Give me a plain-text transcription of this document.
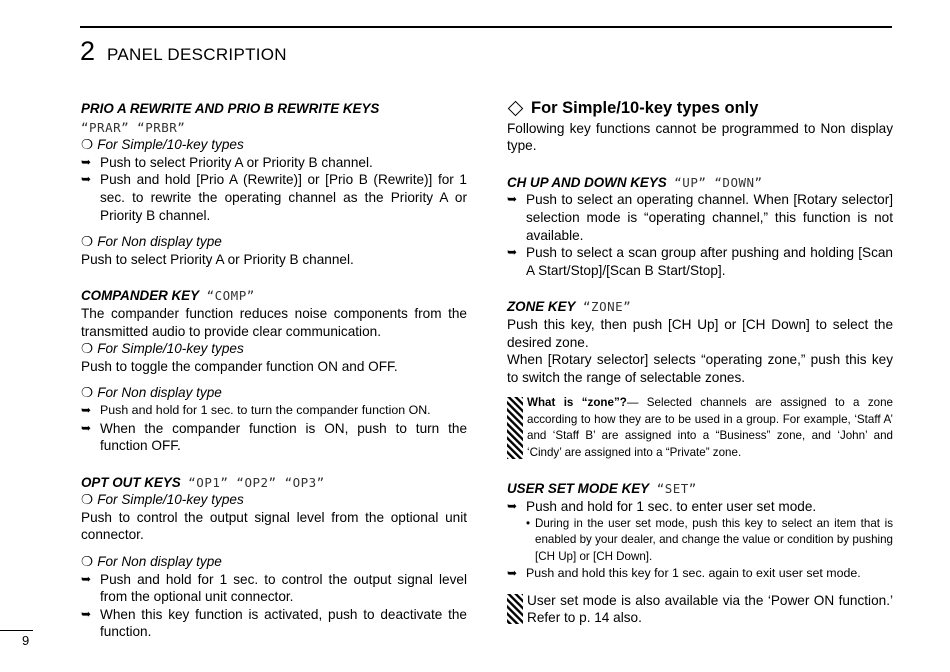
2 PANEL DESCRIPTION
PRIO A REWRITE AND PRIO B REWRITE KEYS
“PRAR” “PRBR”
❍ For Simple/10-key types
➥ Push to select Priority A or Priority B channel.
➥ Push and hold [Prio A (Rewrite)] or [Prio B (Rewrite)] for 1 sec. to rewrite the operating channel as the Priority A or Priority B channel.
❍ For Non display type
Push to select Priority A or Priority B channel.
COMPANDER KEY “COMP”
The compander function reduces noise components from the transmitted audio to provide clear communication.
❍ For Simple/10-key types
Push to toggle the compander function ON and OFF.
❍ For Non display type
➥ Push and hold for 1 sec. to turn the compander function ON.
➥ When the compander function is ON, push to turn the function OFF.
OPT OUT KEYS “OP1” “OP2” “OP3”
❍ For Simple/10-key types
Push to control the output signal level from the optional unit connector.
❍ For Non display type
➥ Push and hold for 1 sec. to control the output signal level from the optional unit connector.
➥ When this key function is activated, push to deactivate the function.
For Simple/10-key types only
Following key functions cannot be programmed to Non display type.
CH UP AND DOWN KEYS “UP” “DOWN”
➥ Push to select an operating channel. When [Rotary selector] selection mode is “operating channel,” this function is not available.
➥ Push to select a scan group after pushing and holding [Scan A Start/Stop]/[Scan B Start/Stop].
ZONE KEY “ZONE”
Push this key, then push [CH Up] or [CH Down] to select the desired zone.
When [Rotary selector] selects “operating zone,” push this key to switch the range of selectable zones.
What is “zone”?— Selected channels are assigned to a zone according to how they are to be used in a group. For example, ‘Staff A’ and ‘Staff B’ are assigned into a “Business” zone, and ‘John’ and ‘Cindy’ are assigned into a “Private” zone.
USER SET MODE KEY “SET”
➥ Push and hold for 1 sec. to enter user set mode.
• During in the user set mode, push this key to select an item that is enabled by your dealer, and change the value or condition by pushing [CH Up] or [CH Down].
➥ Push and hold this key for 1 sec. again to exit user set mode.
User set mode is also available via the ‘Power ON function.’ Refer to p. 14 also.
9
